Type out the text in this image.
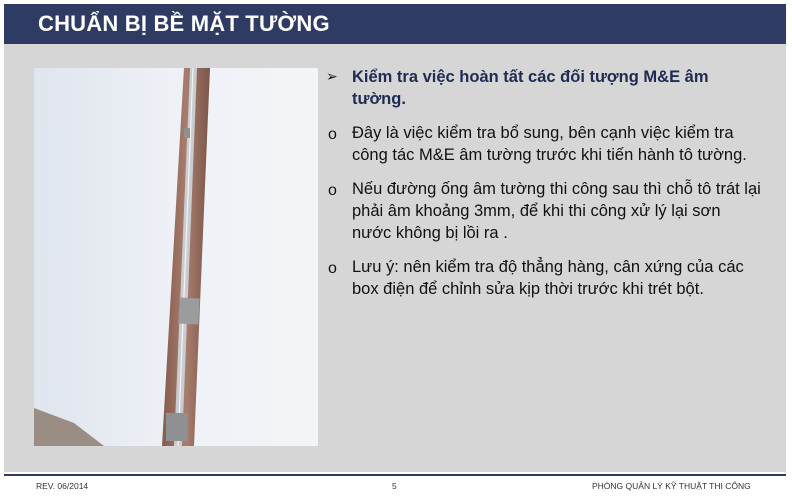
CHUẨN BỊ BỀ MẶT TƯỜNG
➢ Kiểm tra việc hoàn tất các đối tượng M&E âm tường.
o Đây là việc kiểm tra bổ sung, bên cạnh việc kiểm tra công tác M&E âm tường trước khi tiến hành tô tường.
o Nếu đường ống âm tường thi công sau thì chỗ tô trát lại phải âm khoảng 3mm, để khi thi công xử lý lại sơn nước không bị lồi ra .
o Lưu ý: nên kiểm tra độ thẳng hàng, cân xứng của các box điện để chỉnh sửa kịp thời trước khi trét bột.
REV. 06/2014	5	PHÒNG QUẢN LÝ KỸ THUẬT THI CÔNG
